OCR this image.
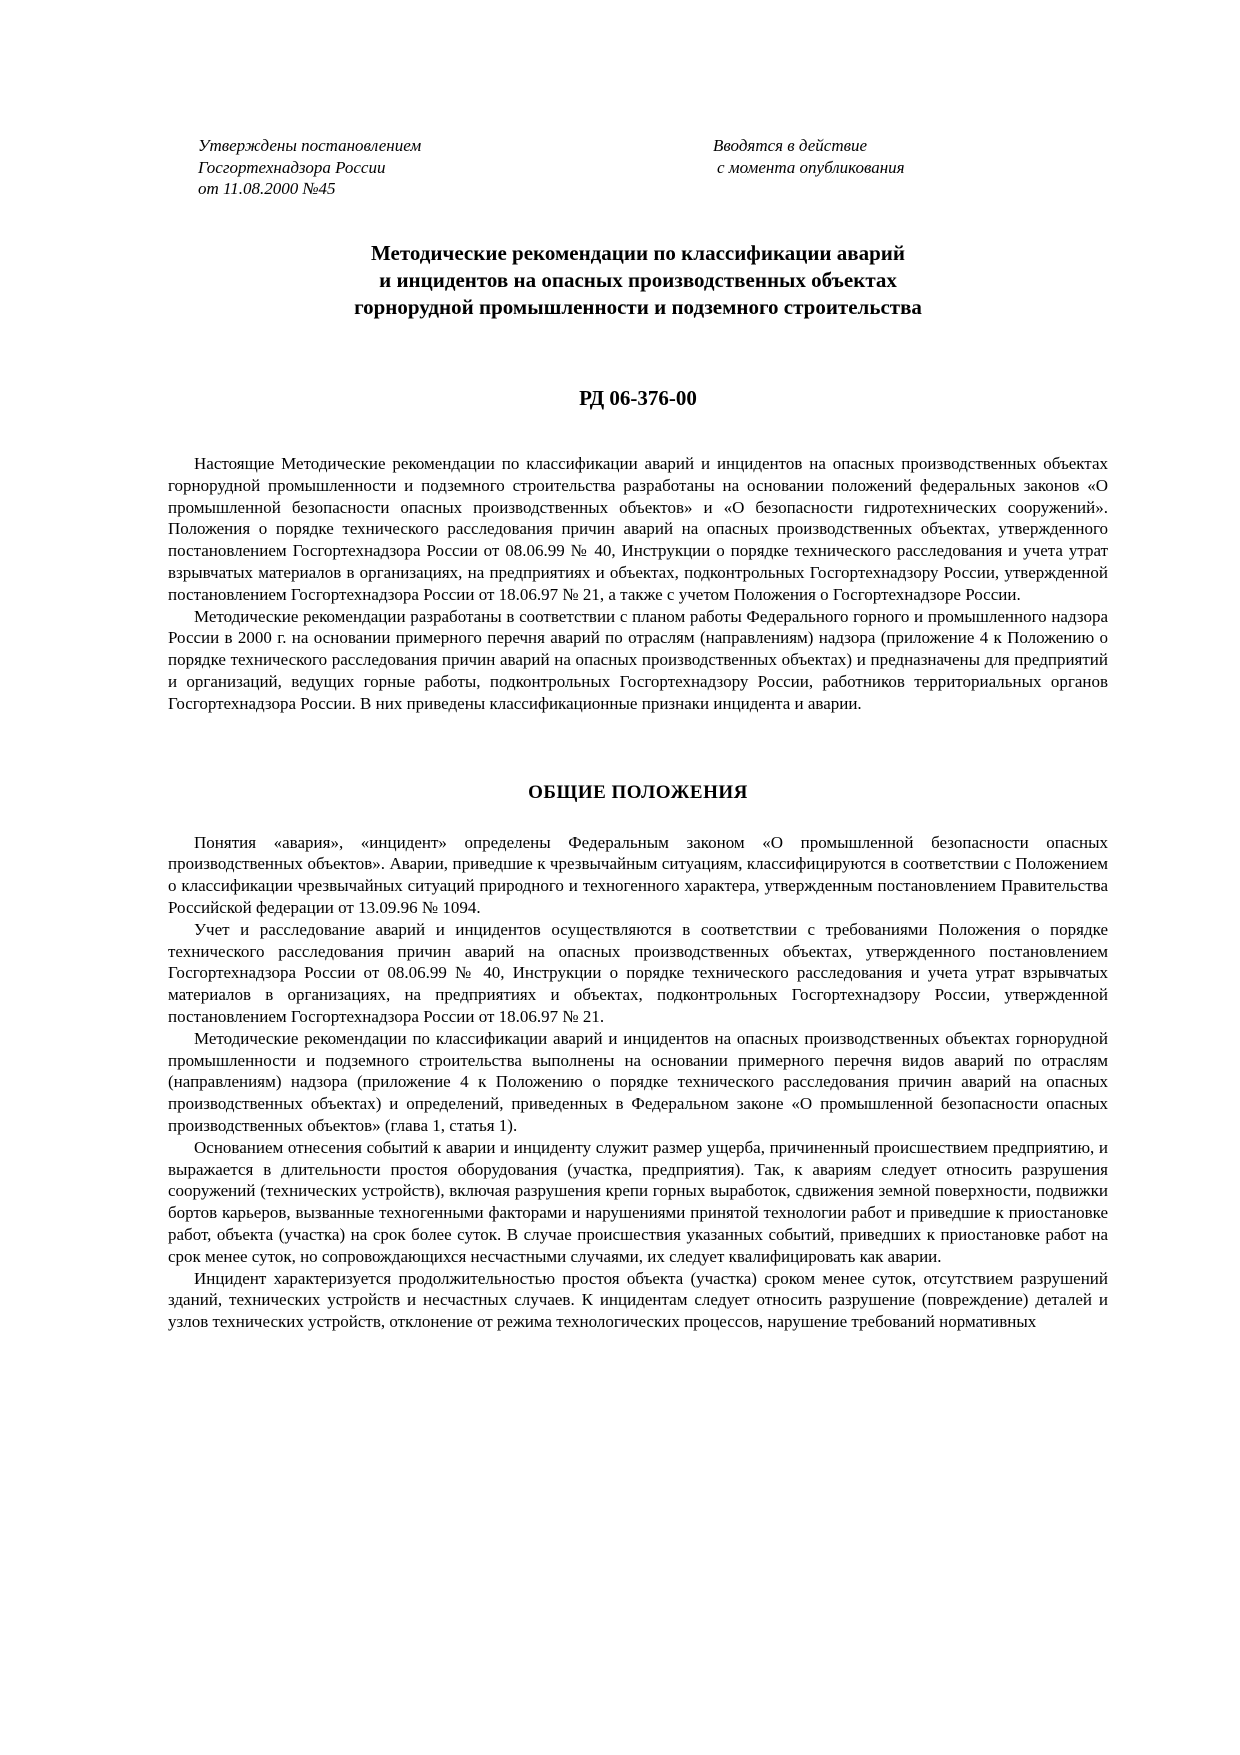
Утверждены постановлением
Госгортехнадзора России
от 11.08.2000 №45
Вводятся в действие
с момента опубликования
Методические рекомендации по классификации аварий
и инцидентов на опасных производственных объектах
горнорудной промышленности и подземного строительства
РД 06-376-00

Настоящие Методические рекомендации по классификации аварий и инцидентов на опасных производственных объектах горнорудной промышленности и подземного строительства разработаны на основании положений федеральных законов «О промышленной безопасности опасных производственных объектов» и «О безопасности гидротехнических сооружений». Положения о порядке технического расследования причин аварий на опасных производственных объектах, утвержденного постановлением Госгортехнадзора России от 08.06.99 № 40, Инструкции о порядке технического расследования и учета утрат взрывчатых материалов в организациях, на предприятиях и объектах, подконтрольных Госгортехнадзору России, утвержденной постановлением Госгортехнадзора России от 18.06.97 № 21, а также с учетом Положения о Госгортехнадзоре России.

Методические рекомендации разработаны в соответствии с планом работы Федерального горного и промышленного надзора России в 2000 г. на основании примерного перечня аварий по отраслям (направлениям) надзора (приложение 4 к Положению о порядке технического расследования причин аварий на опасных производственных объектах) и предназначены для предприятий и организаций, ведущих горные работы, подконтрольных Госгортехнадзору России, работников территориальных органов Госгортехнадзора России. В них приведены классификационные признаки инцидента и аварии.

ОБЩИЕ ПОЛОЖЕНИЯ

Понятия «авария», «инцидент» определены Федеральным законом «О промышленной безопасности опасных производственных объектов». Аварии, приведшие к чрезвычайным ситуациям, классифицируются в соответствии с Положением о классификации чрезвычайных ситуаций природного и техногенного характера, утвержденным постановлением Правительства Российской федерации от 13.09.96 № 1094.

Учет и расследование аварий и инцидентов осуществляются в соответствии с требованиями Положения о порядке технического расследования причин аварий на опасных производственных объектах, утвержденного постановлением Госгортехнадзора России от 08.06.99 № 40, Инструкции о порядке технического расследования и учета утрат взрывчатых материалов в организациях, на предприятиях и объектах, подконтрольных Госгортехнадзору России, утвержденной постановлением Госгортехнадзора России от 18.06.97 № 21.

Методические рекомендации по классификации аварий и инцидентов на опасных производственных объектах горнорудной промышленности и подземного строительства выполнены на основании примерного перечня видов аварий по отраслям (направлениям) надзора (приложение 4 к Положению о порядке технического расследования причин аварий на опасных производственных объектах) и определений, приведенных в Федеральном законе «О промышленной безопасности опасных производственных объектов» (глава 1, статья 1).

Основанием отнесения событий к аварии и инциденту служит размер ущерба, причиненный происшествием предприятию, и выражается в длительности простоя оборудования (участка, предприятия). Так, к авариям следует относить разрушения сооружений (технических устройств), включая разрушения крепи горных выработок, сдвижения земной поверхности, подвижки бортов карьеров, вызванные техногенными факторами и нарушениями принятой технологии работ и приведшие к приостановке работ, объекта (участка) на срок более суток. В случае происшествия указанных событий, приведших к приостановке работ на срок менее суток, но сопровождающихся несчастными случаями, их следует квалифицировать как аварии.

Инцидент характеризуется продолжительностью простоя объекта (участка) сроком менее суток, отсутствием разрушений зданий, технических устройств и несчастных случаев. К инцидентам следует относить разрушение (повреждение) деталей и узлов технических устройств, отклонение от режима технологических процессов, нарушение требований нормативных
